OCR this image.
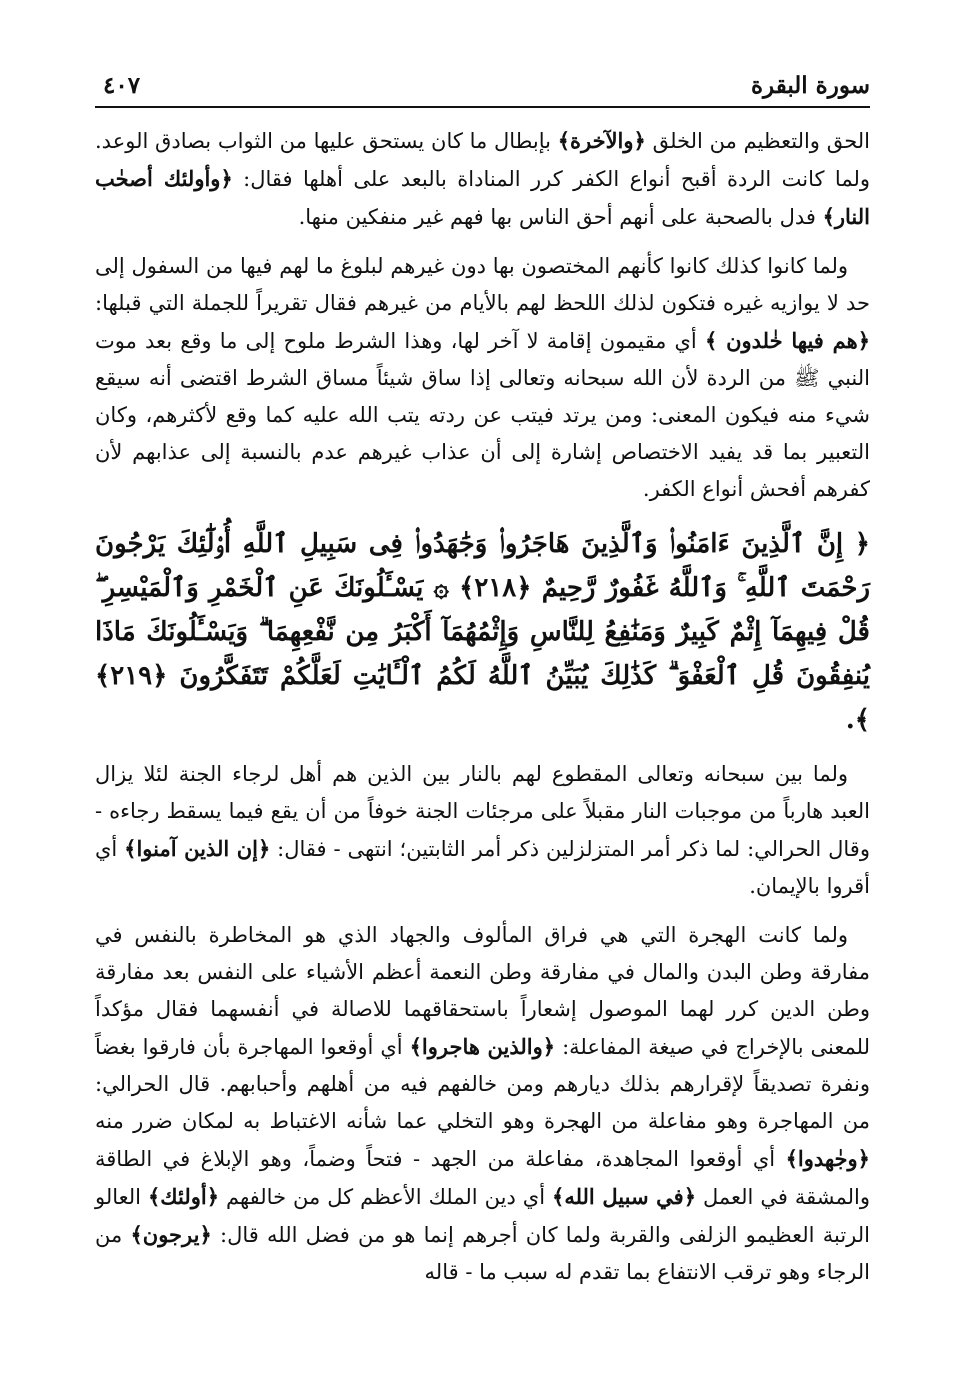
سورة البقرة
٤٠٧

الحق والتعظيم من الخلق ﴿والآخرة﴾ بإبطال ما كان يستحق عليها من الثواب بصادق الوعد. ولما كانت الردة أقبح أنواع الكفر كرر المناداة بالبعد على أهلها فقال: ﴿وأولئك أصحٰب النار﴾ فدل بالصحبة على أنهم أحق الناس بها فهم غير منفكين منها.

ولما كانوا كذلك كانوا كأنهم المختصون بها دون غيرهم لبلوغ ما لهم فيها من السفول إلى حد لا يوازيه غيره فتكون لذلك اللحظ لهم بالأيام من غيرهم فقال تقريراً للجملة التي قبلها: ﴿هم فيها خٰلدون ﴾ أي مقيمون إقامة لا آخر لها، وهذا الشرط ملوح إلى ما وقع بعد موت النبي ﷺ من الردة لأن الله سبحانه وتعالى إذا ساق شيئاً مساق الشرط اقتضى أنه سيقع شيء منه فيكون المعنى: ومن يرتد فيتب عن ردته يتب الله عليه كما وقع لأكثرهم، وكان التعبير بما قد يفيد الاختصاص إشارة إلى أن عذاب غيرهم عدم بالنسبة إلى عذابهم لأن كفرهم أفحش أنواع الكفر.

﴿ إِنَّ ٱلَّذِينَ ءَامَنُوا۟ وَٱلَّذِينَ هَاجَرُوا۟ وَجَٰهَدُوا۟ فِى سَبِيلِ ٱللَّهِ أُو۟لَٰٓئِكَ يَرْجُونَ رَحْمَتَ ٱللَّهِ ۚ وَٱللَّهُ غَفُورٌ رَّحِيمٌ ﴿٢١٨﴾ ۞ يَسْـَٔلُونَكَ عَنِ ٱلْخَمْرِ وَٱلْمَيْسِرِ ۖ قُلْ فِيهِمَآ إِثْمٌ كَبِيرٌ وَمَنَٰفِعُ لِلنَّاسِ وَإِثْمُهُمَآ أَكْبَرُ مِن نَّفْعِهِمَا ۗ وَيَسْـَٔلُونَكَ مَاذَا يُنفِقُونَ قُلِ ٱلْعَفْوَ ۗ كَذَٰلِكَ يُبَيِّنُ ٱللَّهُ لَكُمُ ٱلْـَٔايَٰتِ لَعَلَّكُمْ تَتَفَكَّرُونَ ﴿٢١٩﴾ ﴾.

ولما بين سبحانه وتعالى المقطوع لهم بالنار بين الذين هم أهل لرجاء الجنة لئلا يزال العبد هارباً من موجبات النار مقبلاً على مرجئات الجنة خوفاً من أن يقع فيما يسقط رجاءه - وقال الحرالي: لما ذكر أمر المتزلزلين ذكر أمر الثابتين؛ انتهى - فقال: ﴿إن الذين آمنوا﴾ أي أقروا بالإيمان.

ولما كانت الهجرة التي هي فراق المألوف والجهاد الذي هو المخاطرة بالنفس في مفارقة وطن البدن والمال في مفارقة وطن النعمة أعظم الأشياء على النفس بعد مفارقة وطن الدين كرر لهما الموصول إشعاراً باستحقاقهما للاصالة في أنفسهما فقال مؤكداً للمعنى بالإخراج في صيغة المفاعلة: ﴿والذين هاجروا﴾ أي أوقعوا المهاجرة بأن فارقوا بغضاً ونفرة تصديقاً لإقرارهم بذلك ديارهم ومن خالفهم فيه من أهلهم وأحبابهم. قال الحرالي: من المهاجرة وهو مفاعلة من الهجرة وهو التخلي عما شأنه الاغتباط به لمكان ضرر منه ﴿وجٰهدوا﴾ أي أوقعوا المجاهدة، مفاعلة من الجهد - فتحاً وضماً، وهو الإبلاغ في الطاقة والمشقة في العمل ﴿في سبيل الله﴾ أي دين الملك الأعظم كل من خالفهم ﴿أولئك﴾ العالو الرتبة العظيمو الزلفى والقربة ولما كان أجرهم إنما هو من فضل الله قال: ﴿يرجون﴾ من الرجاء وهو ترقب الانتفاع بما تقدم له سبب ما - قاله
